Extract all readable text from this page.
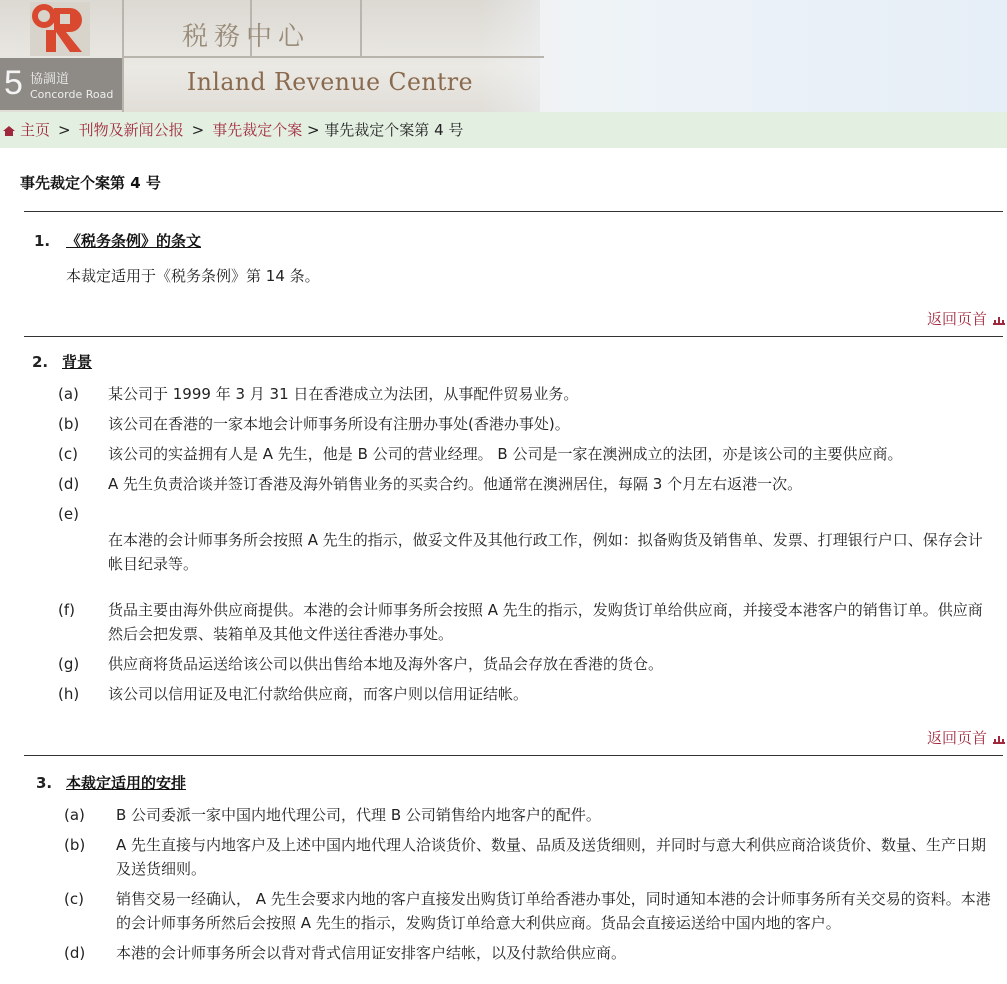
税務中心
Inland Revenue Centre
5 協調道
Concorde Road
主页 > 刊物及新闻公报 > 事先裁定个案 > 事先裁定个案第 4 号
事先裁定个案第 4 号
1. 《税务条例》的条文
本裁定适用于《税务条例》第 14 条。
返回页首
2. 背景
(a)	某公司于 1999 年 3 月 31 日在香港成立为法团，从事配件贸易业务。
(b)	该公司在香港的一家本地会计师事务所设有注册办事处(香港办事处)。
(c)	该公司的实益拥有人是 A 先生，他是 B 公司的营业经理。 B 公司是一家在澳洲成立的法团，亦是该公司的主要供应商。
(d)	A 先生负责洽谈并签订香港及海外销售业务的买卖合约。他通常在澳洲居住，每隔 3 个月左右返港一次。
(e)
在本港的会计师事务所会按照 A 先生的指示，做妥文件及其他行政工作，例如：拟备购货及销售单、发票、打理银行户口、保存会计帐目纪录等。
(f)	货品主要由海外供应商提供。本港的会计师事务所会按照 A 先生的指示，发购货订单给供应商，并接受本港客户的销售订单。供应商然后会把发票、装箱单及其他文件送往香港办事处。
(g)	供应商将货品运送给该公司以供出售给本地及海外客户，货品会存放在香港的货仓。
(h)	该公司以信用证及电汇付款给供应商，而客户则以信用证结帐。
返回页首
3. 本裁定适用的安排
(a)	B 公司委派一家中国内地代理公司，代理 B 公司销售给内地客户的配件。
(b)	A 先生直接与内地客户及上述中国内地代理人洽谈货价、数量、品质及送货细则，并同时与意大利供应商洽谈货价、数量、生产日期及送货细则。
(c)	销售交易一经确认， A 先生会要求内地的客户直接发出购货订单给香港办事处，同时通知本港的会计师事务所有关交易的资料。本港的会计师事务所然后会按照 A 先生的指示，发购货订单给意大利供应商。货品会直接运送给中国内地的客户。
(d)	本港的会计师事务所会以背对背式信用证安排客户结帐，以及付款给供应商。
